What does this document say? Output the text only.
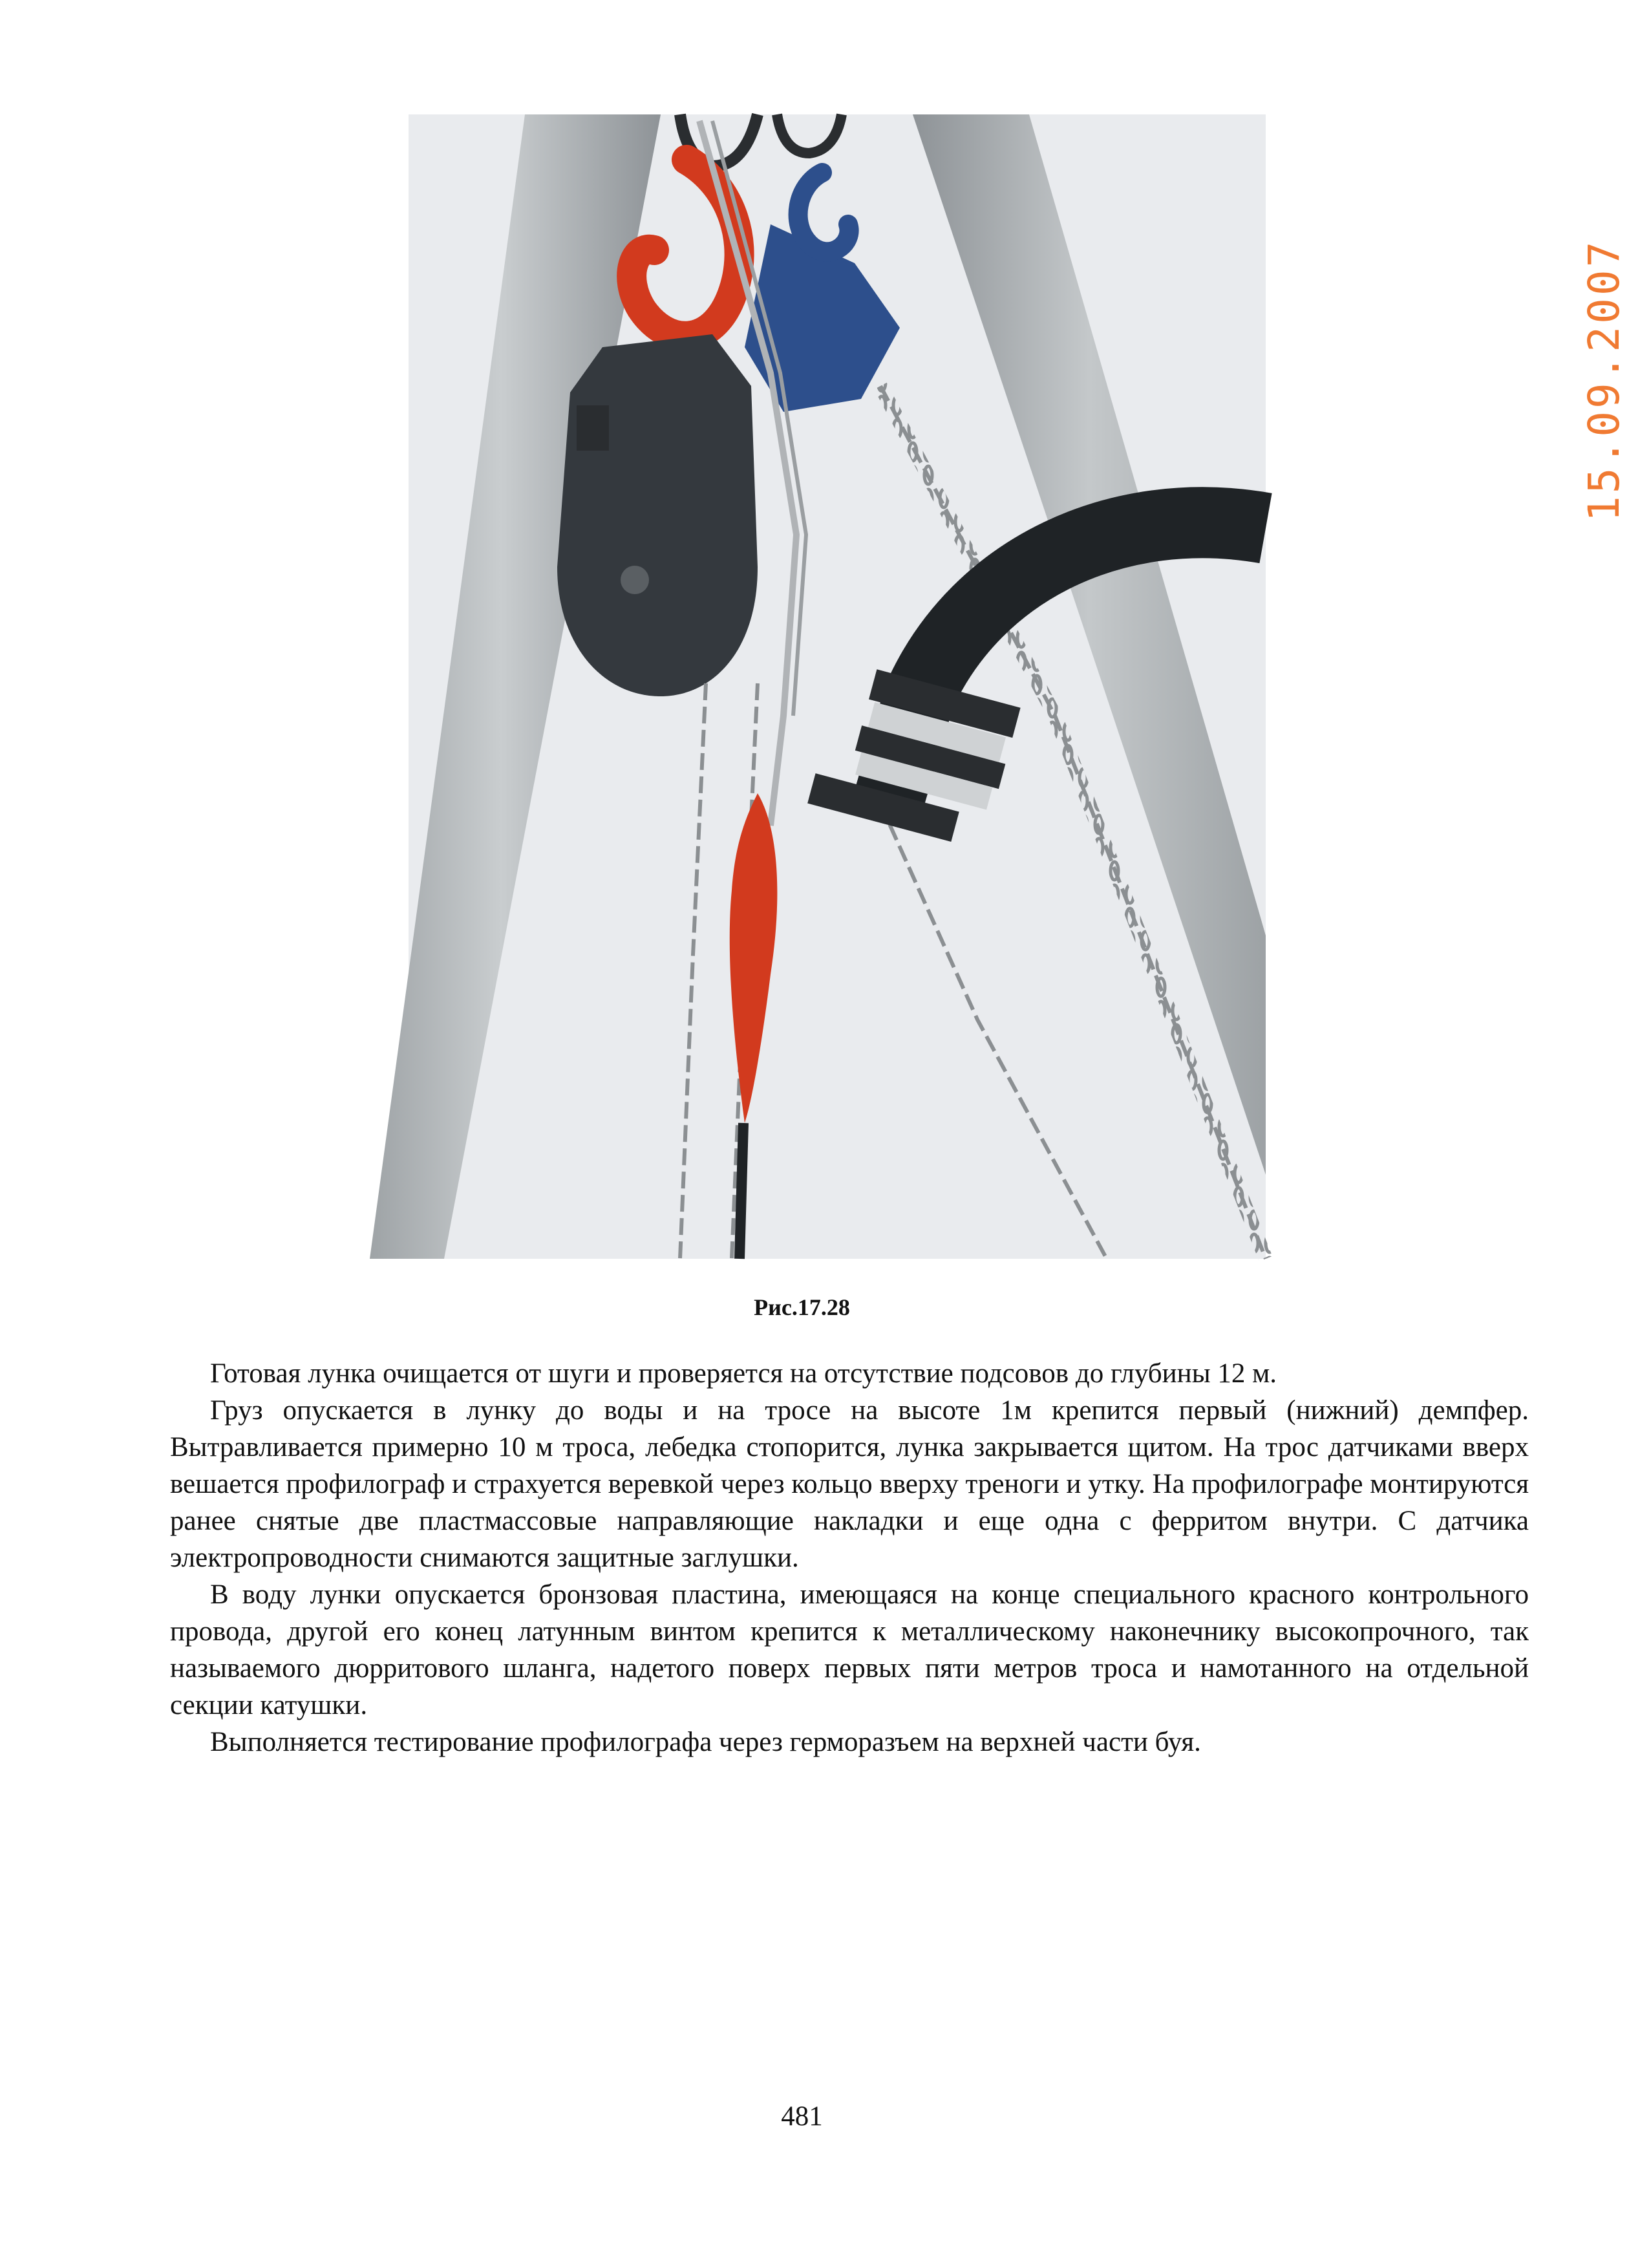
15.09.2007
Рис.17.28

Готовая лунка очищается от шуги и проверяется на отсутствие подсовов до глубины 12 м.

Груз опускается в лунку до воды и на тросе на высоте 1м крепится первый (нижний) демпфер. Вытравливается примерно 10 м троса, лебедка стопорится, лунка закрывается щитом. На трос датчиками вверх вешается профилограф и страхуется веревкой через кольцо вверху треноги и утку. На профилографе монтируются ранее снятые две пластмассовые направляющие накладки и еще одна с ферритом внутри. С датчика электропроводности снимаются защитные заглушки.

В воду лунки опускается бронзовая пластина, имеющаяся на конце специального красного контрольного провода, другой его конец латунным винтом крепится к металлическому наконечнику высокопрочного, так называемого дюрритового шланга, надетого поверх первых пяти метров троса и намотанного на отдельной секции катушки.

Выполняется тестирование профилографа через герморазъем на верхней части буя.

481
